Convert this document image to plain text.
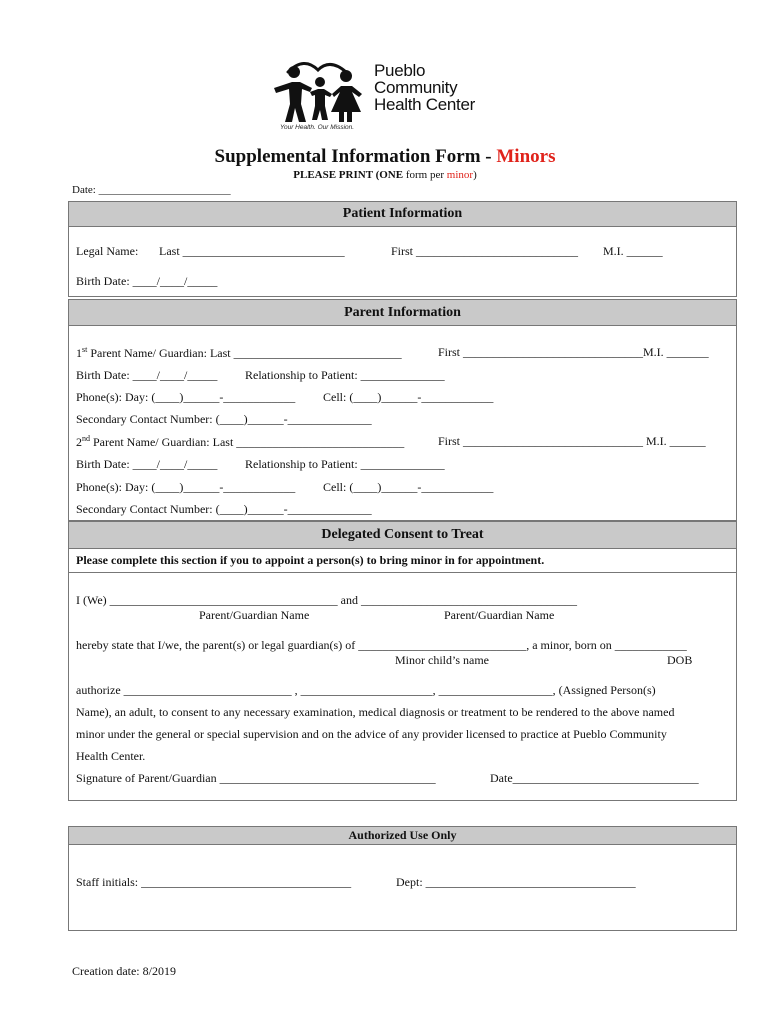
Pueblo
Community
Health Center
Your Health. Our Mission.
Supplemental Information Form - Minors
PLEASE PRINT (ONE form per minor)
Date: ________________________
Patient Information
Legal Name: Last ___________________________	First ___________________________ M.I. ______
Birth Date: ____/____/_____
Parent Information
1st Parent Name/ Guardian: Last ____________________________	First ______________________________M.I. _______
Birth Date: ____/____/_____ Relationship to Patient: ______________
Phone(s): Day: (____)______-____________ Cell: (____)______-____________
Secondary Contact Number: (____)______-______________
2nd Parent Name/ Guardian: Last ____________________________	First ______________________________ M.I. ______
Birth Date: ____/____/_____ Relationship to Patient: ______________
Phone(s): Day: (____)______-____________ Cell: (____)______-____________
Secondary Contact Number: (____)______-______________
Delegated Consent to Treat
Please complete this section if you to appoint a person(s) to bring minor in for appointment.
I (We) ______________________________________ and ____________________________________
Parent/Guardian Name	Parent/Guardian Name
hereby state that I/we, the parent(s) or legal guardian(s) of ____________________________, a minor, born on ____________
Minor child’s name	DOB
authorize ____________________________ , ______________________, ___________________, (Assigned Person(s)
Name), an adult, to consent to any necessary examination, medical diagnosis or treatment to be rendered to the above named
minor under the general or special supervision and on the advice of any provider licensed to practice at Pueblo Community
Health Center.
Signature of Parent/Guardian ____________________________________	Date_______________________________
Authorized Use Only
Staff initials: ___________________________________	Dept: ___________________________________
Creation date: 8/2019
